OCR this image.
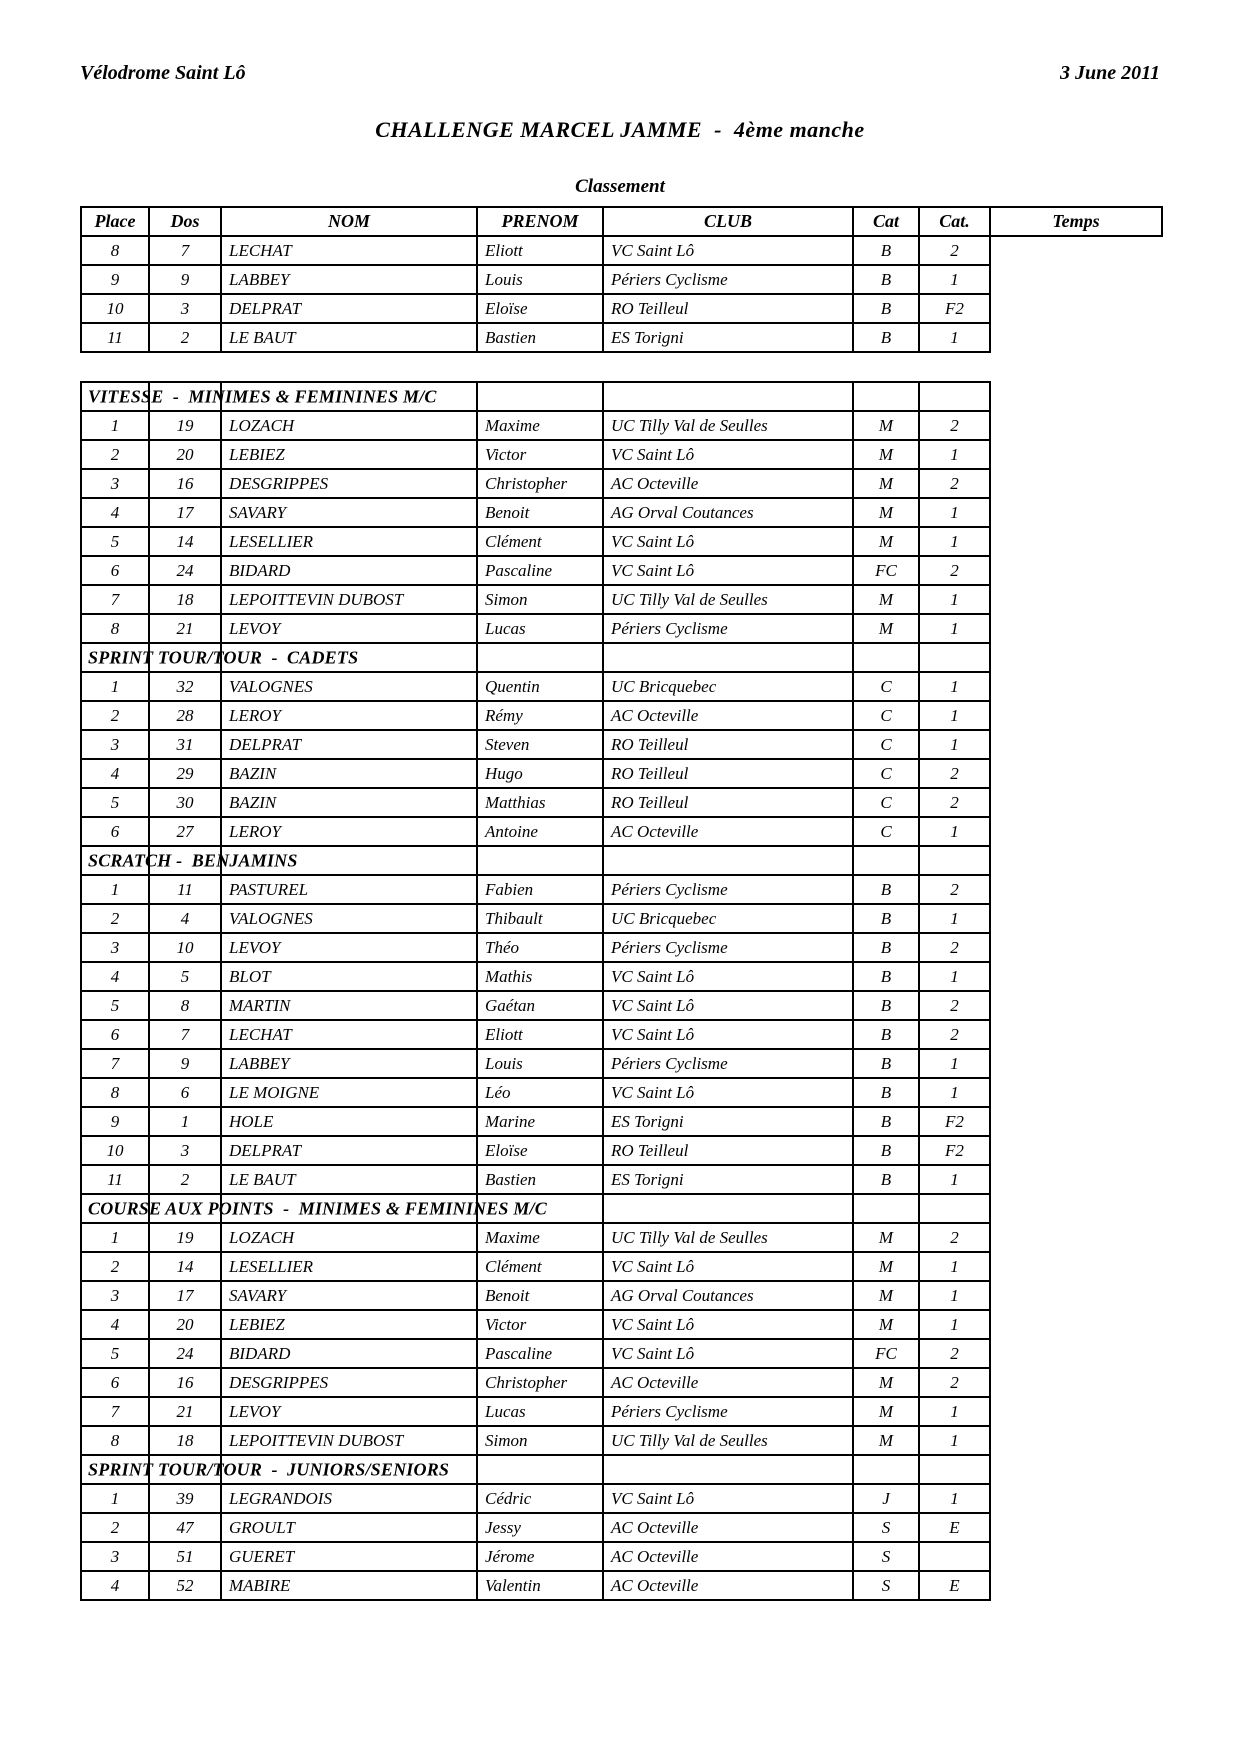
Vélodrome Saint Lô	3 June 2011
CHALLENGE MARCEL JAMME  -  4ème manche
Classement
Place	Dos	NOM	PRENOM	CLUB	Cat	Cat.	Temps
8	7	LECHAT	Eliott	VC Saint Lô	B	2	
9	9	LABBEY	Louis	Périers Cyclisme	B	1	
10	3	DELPRAT	Eloïse	RO Teilleul	B	F2	
11	2	LE BAUT	Bastien	ES Torigni	B	1	
VITESSE  -  MINIMES & FEMININES M/C						

1	19	LOZACH	Maxime	UC Tilly Val de Seulles	M	2
2	20	LEBIEZ	Victor	VC Saint Lô	M	1
3	16	DESGRIPPES	Christopher	AC Octeville	M	2
4	17	SAVARY	Benoit	AG Orval Coutances	M	1
5	14	LESELLIER	Clément	VC Saint Lô	M	1
6	24	BIDARD	Pascaline	VC Saint Lô	FC	2
7	18	LEPOITTEVIN DUBOST	Simon	UC Tilly Val de Seulles	M	1
8	21	LEVOY	Lucas	Périers Cyclisme	M	1

SPRINT TOUR/TOUR  -  CADETS						

1	32	VALOGNES	Quentin	UC Bricquebec	C	1
2	28	LEROY	Rémy	AC Octeville	C	1
3	31	DELPRAT	Steven	RO Teilleul	C	1
4	29	BAZIN	Hugo	RO Teilleul	C	2
5	30	BAZIN	Matthias	RO Teilleul	C	2
6	27	LEROY	Antoine	AC Octeville	C	1

SCRATCH -  BENJAMINS						

1	11	PASTUREL	Fabien	Périers Cyclisme	B	2
2	4	VALOGNES	Thibault	UC Bricquebec	B	1
3	10	LEVOY	Théo	Périers Cyclisme	B	2
4	5	BLOT	Mathis	VC Saint Lô	B	1
5	8	MARTIN	Gaétan	VC Saint Lô	B	2
6	7	LECHAT	Eliott	VC Saint Lô	B	2
7	9	LABBEY	Louis	Périers Cyclisme	B	1
8	6	LE MOIGNE	Léo	VC Saint Lô	B	1
9	1	HOLE	Marine	ES Torigni	B	F2
10	3	DELPRAT	Eloïse	RO Teilleul	B	F2
11	2	LE BAUT	Bastien	ES Torigni	B	1

COURSE AUX POINTS  -  MINIMES & FEMININES M/C						

1	19	LOZACH	Maxime	UC Tilly Val de Seulles	M	2
2	14	LESELLIER	Clément	VC Saint Lô	M	1
3	17	SAVARY	Benoit	AG Orval Coutances	M	1
4	20	LEBIEZ	Victor	VC Saint Lô	M	1
5	24	BIDARD	Pascaline	VC Saint Lô	FC	2
6	16	DESGRIPPES	Christopher	AC Octeville	M	2
7	21	LEVOY	Lucas	Périers Cyclisme	M	1
8	18	LEPOITTEVIN DUBOST	Simon	UC Tilly Val de Seulles	M	1

SPRINT TOUR/TOUR  -  JUNIORS/SENIORS						

1	39	LEGRANDOIS	Cédric	VC Saint Lô	J	1
2	47	GROULT	Jessy	AC Octeville	S	E
3	51	GUERET	Jérome	AC Octeville	S	
4	52	MABIRE	Valentin	AC Octeville	S	E
